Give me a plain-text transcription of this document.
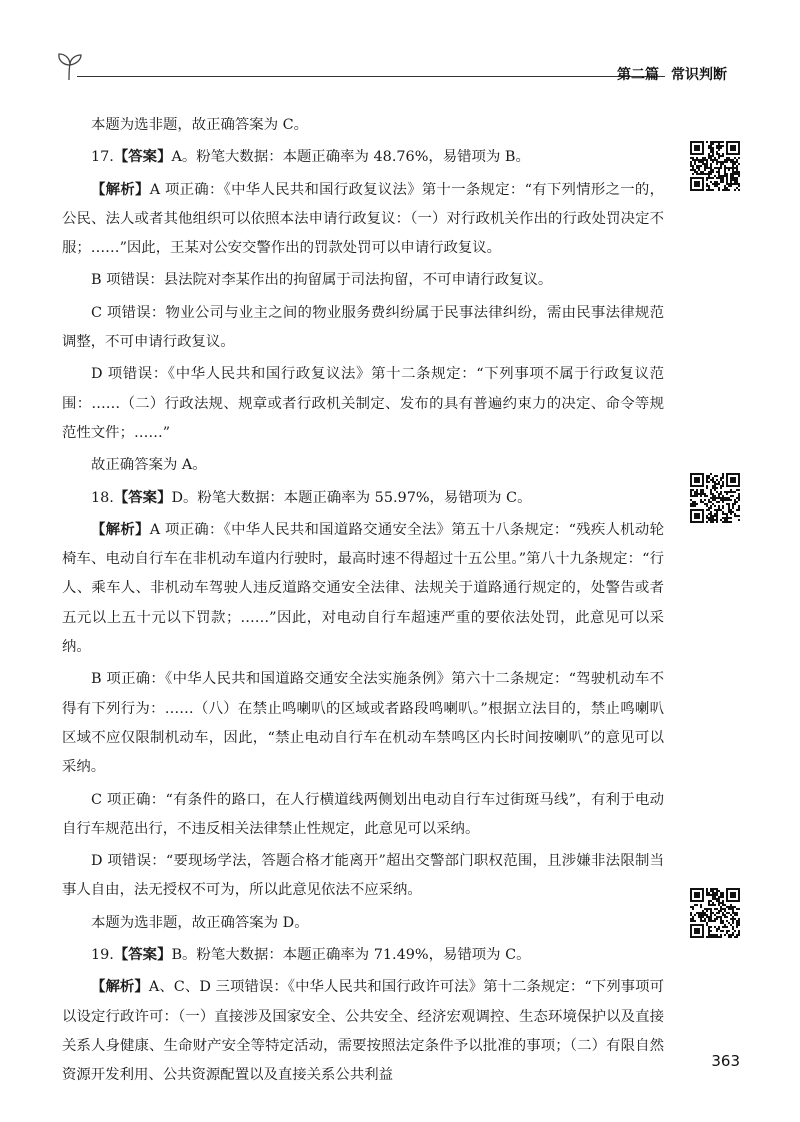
第二篇 常识判断

本题为选非题，故正确答案为 C。

17.【答案】A。粉笔大数据：本题正确率为 48.76%，易错项为 B。

【解析】A 项正确：《中华人民共和国行政复议法》第十一条规定：“有下列情形之一的，公民、法人或者其他组织可以依照本法申请行政复议：（一）对行政机关作出的行政处罚决定不服；……”因此，王某对公安交警作出的罚款处罚可以申请行政复议。

B 项错误：县法院对李某作出的拘留属于司法拘留，不可申请行政复议。

C 项错误：物业公司与业主之间的物业服务费纠纷属于民事法律纠纷，需由民事法律规范调整，不可申请行政复议。

D 项错误：《中华人民共和国行政复议法》第十二条规定：“下列事项不属于行政复议范围：……（二）行政法规、规章或者行政机关制定、发布的具有普遍约束力的决定、命令等规范性文件；……”

故正确答案为 A。

18.【答案】D。粉笔大数据：本题正确率为 55.97%，易错项为 C。

【解析】A 项正确：《中华人民共和国道路交通安全法》第五十八条规定：“残疾人机动轮椅车、电动自行车在非机动车道内行驶时，最高时速不得超过十五公里。”第八十九条规定：“行人、乘车人、非机动车驾驶人违反道路交通安全法律、法规关于道路通行规定的，处警告或者五元以上五十元以下罚款；……”因此，对电动自行车超速严重的要依法处罚，此意见可以采纳。

B 项正确：《中华人民共和国道路交通安全法实施条例》第六十二条规定：“驾驶机动车不得有下列行为：……（八）在禁止鸣喇叭的区域或者路段鸣喇叭。”根据立法目的，禁止鸣喇叭区域不应仅限制机动车，因此，“禁止电动自行车在机动车禁鸣区内长时间按喇叭”的意见可以采纳。

C 项正确：“有条件的路口，在人行横道线两侧划出电动自行车过街斑马线”，有利于电动自行车规范出行，不违反相关法律禁止性规定，此意见可以采纳。

D 项错误：“要现场学法，答题合格才能离开”超出交警部门职权范围，且涉嫌非法限制当事人自由，法无授权不可为，所以此意见依法不应采纳。

本题为选非题，故正确答案为 D。

19.【答案】B。粉笔大数据：本题正确率为 71.49%，易错项为 C。

【解析】A、C、D 三项错误：《中华人民共和国行政许可法》第十二条规定：“下列事项可以设定行政许可：（一）直接涉及国家安全、公共安全、经济宏观调控、生态环境保护以及直接关系人身健康、生命财产安全等特定活动，需要按照法定条件予以批准的事项；（二）有限自然资源开发利用、公共资源配置以及直接关系公共利益

363
